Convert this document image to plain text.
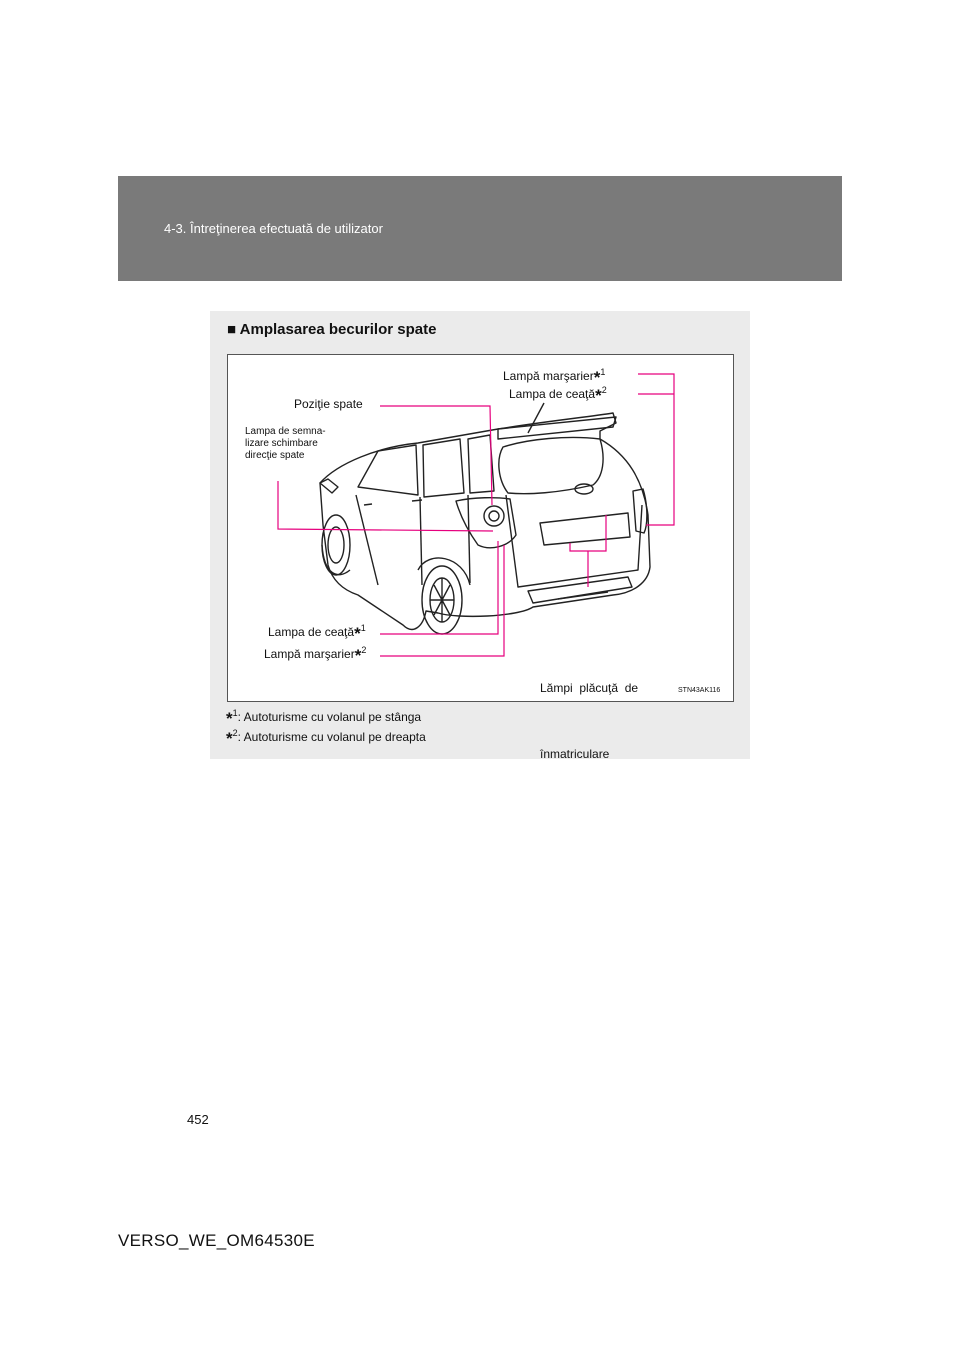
4-3. Întreţinerea efectuată de utilizator
■ Amplasarea becurilor spate
Lampă marşarier*$^1$
Lampa de ceaţă*$^2$
Poziţie spate
Lampa de semna-
lizare schimbare
direcţie spate
Lampa de ceaţă*$^1$
Lampă marşarier*$^2$

Lămpi  plăcuţă  de

înmatriculare

STN43AK116
*$^1$: Autoturisme cu volanul pe stânga
*$^2$: Autoturisme cu volanul pe dreapta
452
VERSO_WE_OM64530E
